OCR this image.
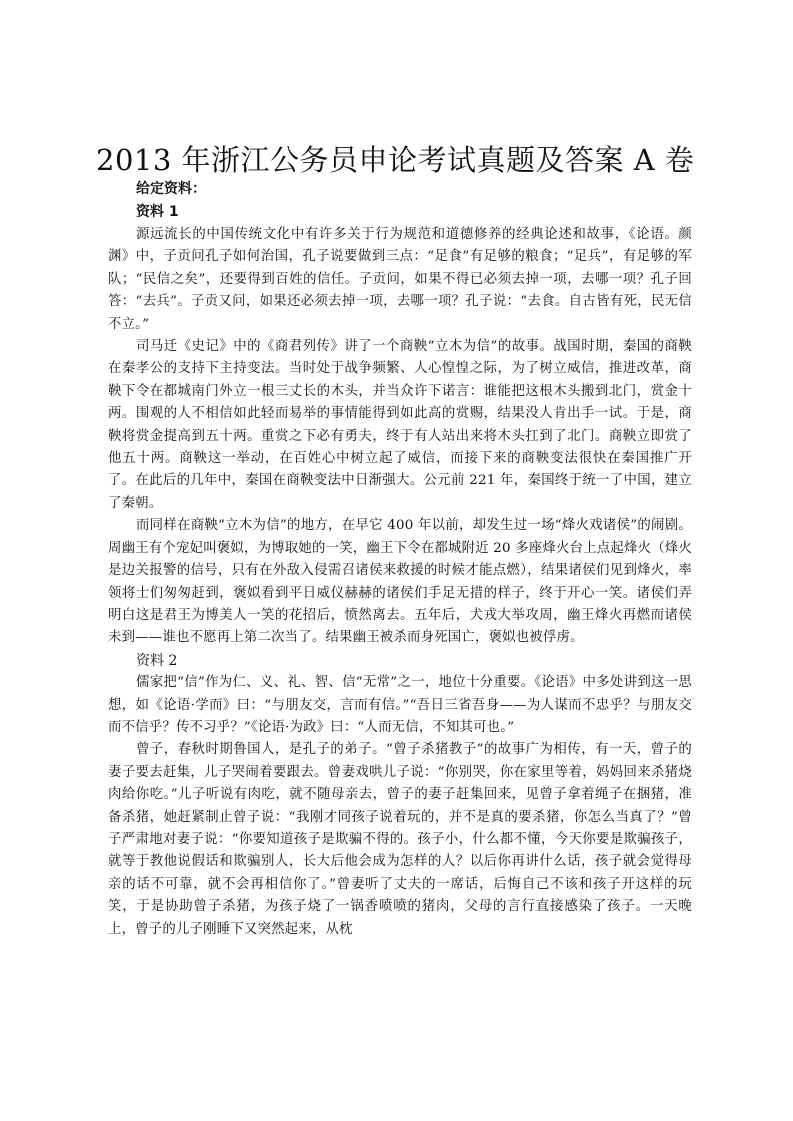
2013 年浙江公务员申论考试真题及答案 A 卷

给定资料：

资料 1

源远流长的中国传统文化中有许多关于行为规范和道德修养的经典论述和故事，《论语。颜渊》中，子贡问孔子如何治国，孔子说要做到三点：“足食”有足够的粮食；“足兵”，有足够的军队；“民信之矣”，还要得到百姓的信任。子贡问，如果不得已必须去掉一项，去哪一项？孔子回答：“去兵”。子贡又问，如果还必须去掉一项，去哪一项？孔子说：“去食。自古皆有死，民无信不立。”

司马迁《史记》中的《商君列传》讲了一个商鞅“立木为信”的故事。战国时期，秦国的商鞅在秦孝公的支持下主持变法。当时处于战争频繁、人心惶惶之际，为了树立威信，推进改革，商鞅下令在都城南门外立一根三丈长的木头，并当众许下诺言：谁能把这根木头搬到北门，赏金十两。围观的人不相信如此轻而易举的事情能得到如此高的赏赐，结果没人肯出手一试。于是，商鞅将赏金提高到五十两。重赏之下必有勇夫，终于有人站出来将木头扛到了北门。商鞅立即赏了他五十两。商鞅这一举动，在百姓心中树立起了威信，而接下来的商鞅变法很快在秦国推广开了。在此后的几年中，秦国在商鞅变法中日渐强大。公元前 221 年，秦国终于统一了中国，建立了秦朝。

而同样在商鞅“立木为信”的地方，在早它 400 年以前，却发生过一场“烽火戏诸侯”的闹剧。周幽王有个宠妃叫褒姒，为博取她的一笑，幽王下令在都城附近 20 多座烽火台上点起烽火（烽火是边关报警的信号，只有在外敌入侵需召诸侯来救援的时候才能点燃），结果诸侯们见到烽火，率领将士们匆匆赶到，褒姒看到平日威仪赫赫的诸侯们手足无措的样子，终于开心一笑。诸侯们弄明白这是君王为博美人一笑的花招后，愤然离去。五年后，犬戎大举攻周，幽王烽火再燃而诸侯未到——谁也不愿再上第二次当了。结果幽王被杀而身死国亡，褒姒也被俘虏。

资料 2

儒家把“信”作为仁、义、礼、智、信“无常”之一，地位十分重要。《论语》中多处讲到这一思想，如《论语·学而》曰：“与朋友交，言而有信。”“吾日三省吾身——为人谋而不忠乎？与朋友交而不信乎？传不习乎？”《论语·为政》曰：“人而无信，不知其可也。”

曾子，春秋时期鲁国人，是孔子的弟子。“曾子杀猪教子”的故事广为相传，有一天，曾子的妻子要去赶集，儿子哭闹着要跟去。曾妻戏哄儿子说：“你别哭，你在家里等着，妈妈回来杀猪烧肉给你吃。”儿子听说有肉吃，就不随母亲去，曾子的妻子赶集回来，见曾子拿着绳子在捆猪，准备杀猪，她赶紧制止曾子说：“我刚才同孩子说着玩的，并不是真的要杀猪，你怎么当真了？”曾子严肃地对妻子说：“你要知道孩子是欺骗不得的。孩子小，什么都不懂，今天你要是欺骗孩子，就等于教他说假话和欺骗别人，长大后他会成为怎样的人？以后你再讲什么话，孩子就会觉得母亲的话不可靠，就不会再相信你了。”曾妻听了丈夫的一席话，后悔自己不该和孩子开这样的玩笑，于是协助曾子杀猪，为孩子烧了一锅香喷喷的猪肉，父母的言行直接感染了孩子。一天晚上，曾子的儿子刚睡下又突然起来，从枕
